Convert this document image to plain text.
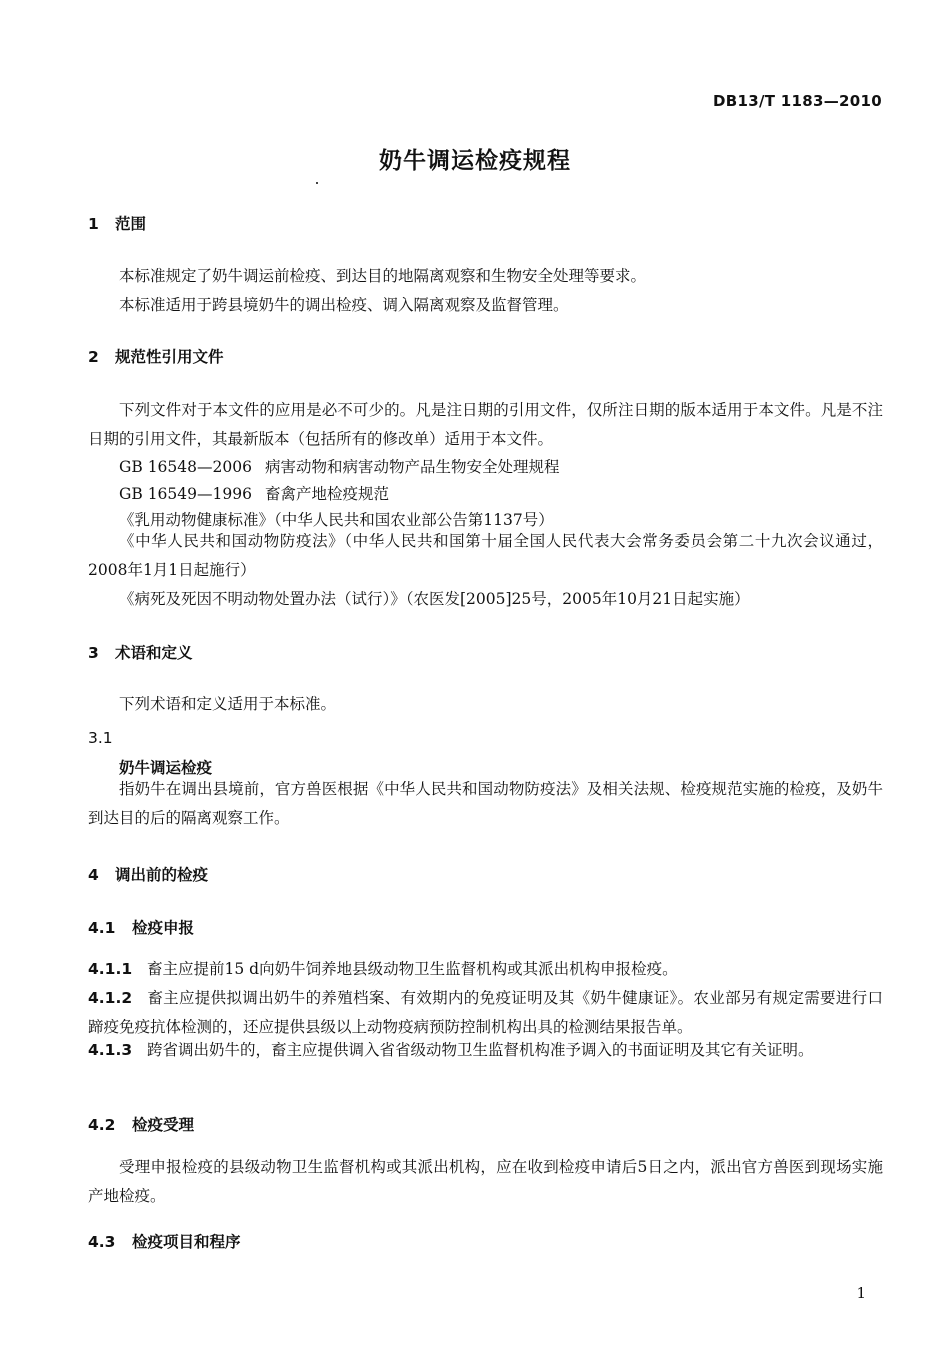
DB13/T 1183—2010
奶牛调运检疫规程
1 范围
本标准规定了奶牛调运前检疫、到达目的地隔离观察和生物安全处理等要求。
本标准适用于跨县境奶牛的调出检疫、调入隔离观察及监督管理。
2 规范性引用文件
下列文件对于本文件的应用是必不可少的。凡是注日期的引用文件，仅所注日期的版本适用于本文件。凡是不注日期的引用文件，其最新版本（包括所有的修改单）适用于本文件。
GB 16548—2006 病害动物和病害动物产品生物安全处理规程
GB 16549—1996 畜禽产地检疫规范
《乳用动物健康标准》（中华人民共和国农业部公告第1137号）
《中华人民共和国动物防疫法》（中华人民共和国第十届全国人民代表大会常务委员会第二十九次会议通过，2008年1月1日起施行）
《病死及死因不明动物处置办法（试行）》（农医发[2005]25号，2005年10月21日起实施）
3 术语和定义
下列术语和定义适用于本标准。
3.1
奶牛调运检疫
指奶牛在调出县境前，官方兽医根据《中华人民共和国动物防疫法》及相关法规、检疫规范实施的检疫，及奶牛到达目的后的隔离观察工作。
4 调出前的检疫
4.1 检疫申报
4.1.1 畜主应提前15 d向奶牛饲养地县级动物卫生监督机构或其派出机构申报检疫。
4.1.2 畜主应提供拟调出奶牛的养殖档案、有效期内的免疫证明及其《奶牛健康证》。农业部另有规定需要进行口蹄疫免疫抗体检测的，还应提供县级以上动物疫病预防控制机构出具的检测结果报告单。
4.1.3 跨省调出奶牛的，畜主应提供调入省省级动物卫生监督机构准予调入的书面证明及其它有关证明。
4.2 检疫受理
受理申报检疫的县级动物卫生监督机构或其派出机构，应在收到检疫申请后5日之内，派出官方兽医到现场实施产地检疫。
4.3 检疫项目和程序
1
